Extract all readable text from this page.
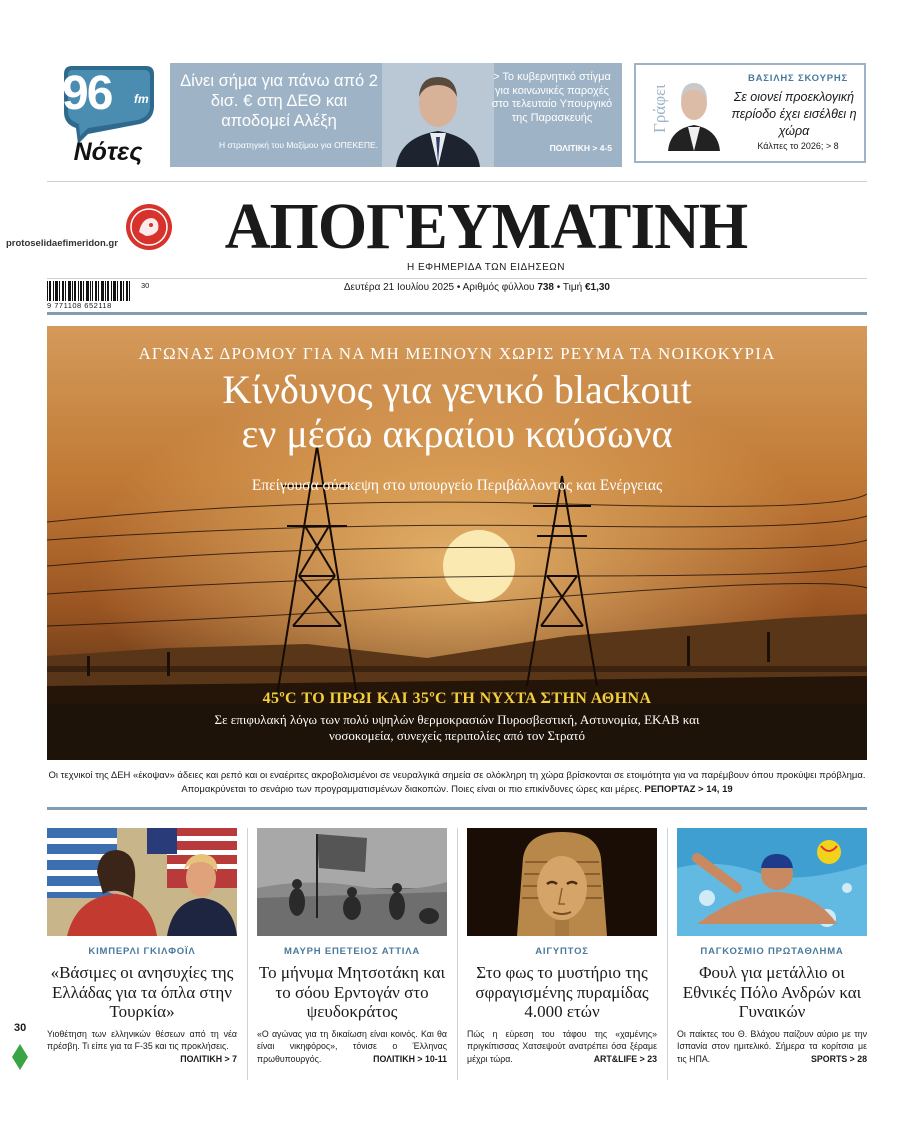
96 fm
Νότες
Δίνει σήμα για πάνω από 2 δισ. € στη ΔΕΘ και αποδομεί Αλέξη
Η στρατηγική του Μαξίμου για ΟΠΕΚΕΠΕ.
> Το κυβερνητικό στίγμα για κοινωνικές παροχές στο τελευταίο Υπουργικό της Παρασκευής
ΠΟΛΙΤΙΚΗ > 4-5
Γράφει
ΒΑΣΙΛΗΣ ΣΚΟΥΡΗΣ
Σε οιονεί προεκλογική περίοδο έχει εισέλθει η χώρα
Κάλπες το 2026; > 8
ΑΠΟΓΕΥΜΑΤΙΝΗ
Η ΕΦΗΜΕΡΙΔΑ ΤΩΝ ΕΙΔΗΣΕΩΝ
protoselidaefimeridon.gr
9 771108 652118
30	Δευτέρα 21 Ιουλίου 2025 • Αριθμός φύλλου 738 • Τιμή €1,30
ΑΓΩΝΑΣ ΔΡΟΜΟΥ ΓΙΑ ΝΑ ΜΗ ΜΕΙΝΟΥΝ ΧΩΡΙΣ ΡΕΥΜΑ ΤΑ ΝΟΙΚΟΚΥΡΙΑ
Κίνδυνος για γενικό blackout
εν μέσω ακραίου καύσωνα
Επείγουσα σύσκεψη στο υπουργείο Περιβάλλοντος και Ενέργειας
45ºC ΤΟ ΠΡΩΙ ΚΑΙ 35ºC ΤΗ ΝΥΧΤΑ ΣΤΗΝ ΑΘΗΝΑ
Σε επιφυλακή λόγω των πολύ υψηλών θερμοκρασιών Πυροσβεστική, Αστυνομία, ΕΚΑΒ και νοσοκομεία, συνεχείς περιπολίες από τον Στρατό
Οι τεχνικοί της ΔΕΗ «έκοψαν» άδειες και ρεπό και οι εναέριτες ακροβολισμένοι σε νευραλγικά σημεία σε ολόκληρη τη χώρα βρίσκονται σε ετοιμότητα για να παρέμβουν όπου προκύψει πρόβλημα. Απομακρύνεται το σενάριο των προγραμματισμένων διακοπών. Ποιες είναι οι πιο επικίνδυνες ώρες και μέρες. ΡΕΠΟΡΤΑΖ > 14, 19
ΚΙΜΠΕΡΛΙ ΓΚΙΛΦΟΪΛ
«Βάσιμες οι ανησυχίες της Ελλάδας για τα όπλα στην Τουρκία»
Υιοθέτηση των ελληνικών θέσεων από τη νέα πρέσβη. Τι είπε για τα F-35 και τις προκλήσεις.
ΠΟΛΙΤΙΚΗ > 7
ΜΑΥΡΗ ΕΠΕΤΕΙΟΣ ΑΤΤΙΛΑ
Το μήνυμα Μητσοτάκη και το σόου Ερντογάν στο ψευδοκράτος
«Ο αγώνας για τη δικαίωση είναι κοινός. Και θα είναι νικηφόρος», τόνισε ο Έλληνας πρωθυπουργός.	ΠΟΛΙΤΙΚΗ > 10-11
ΑΙΓΥΠΤΟΣ
Στο φως το μυστήριο της σφραγισμένης πυραμίδας 4.000 ετών
Πώς η εύρεση του τάφου της «χαμένης» πριγκίπισσας Χατσεψούτ ανατρέπει όσα ξέραμε μέχρι τώρα.	ART&LIFE > 23
ΠΑΓΚΟΣΜΙΟ ΠΡΩΤΑΘΛΗΜΑ
Φουλ για μετάλλιο οι Εθνικές Πόλο Ανδρών και Γυναικών
Οι παίκτες του Θ. Βλάχου παίζουν αύριο με την Ισπανία στον ημιτελικό. Σήμερα τα κορίτσια με τις ΗΠΑ.	SPORTS > 28
30
